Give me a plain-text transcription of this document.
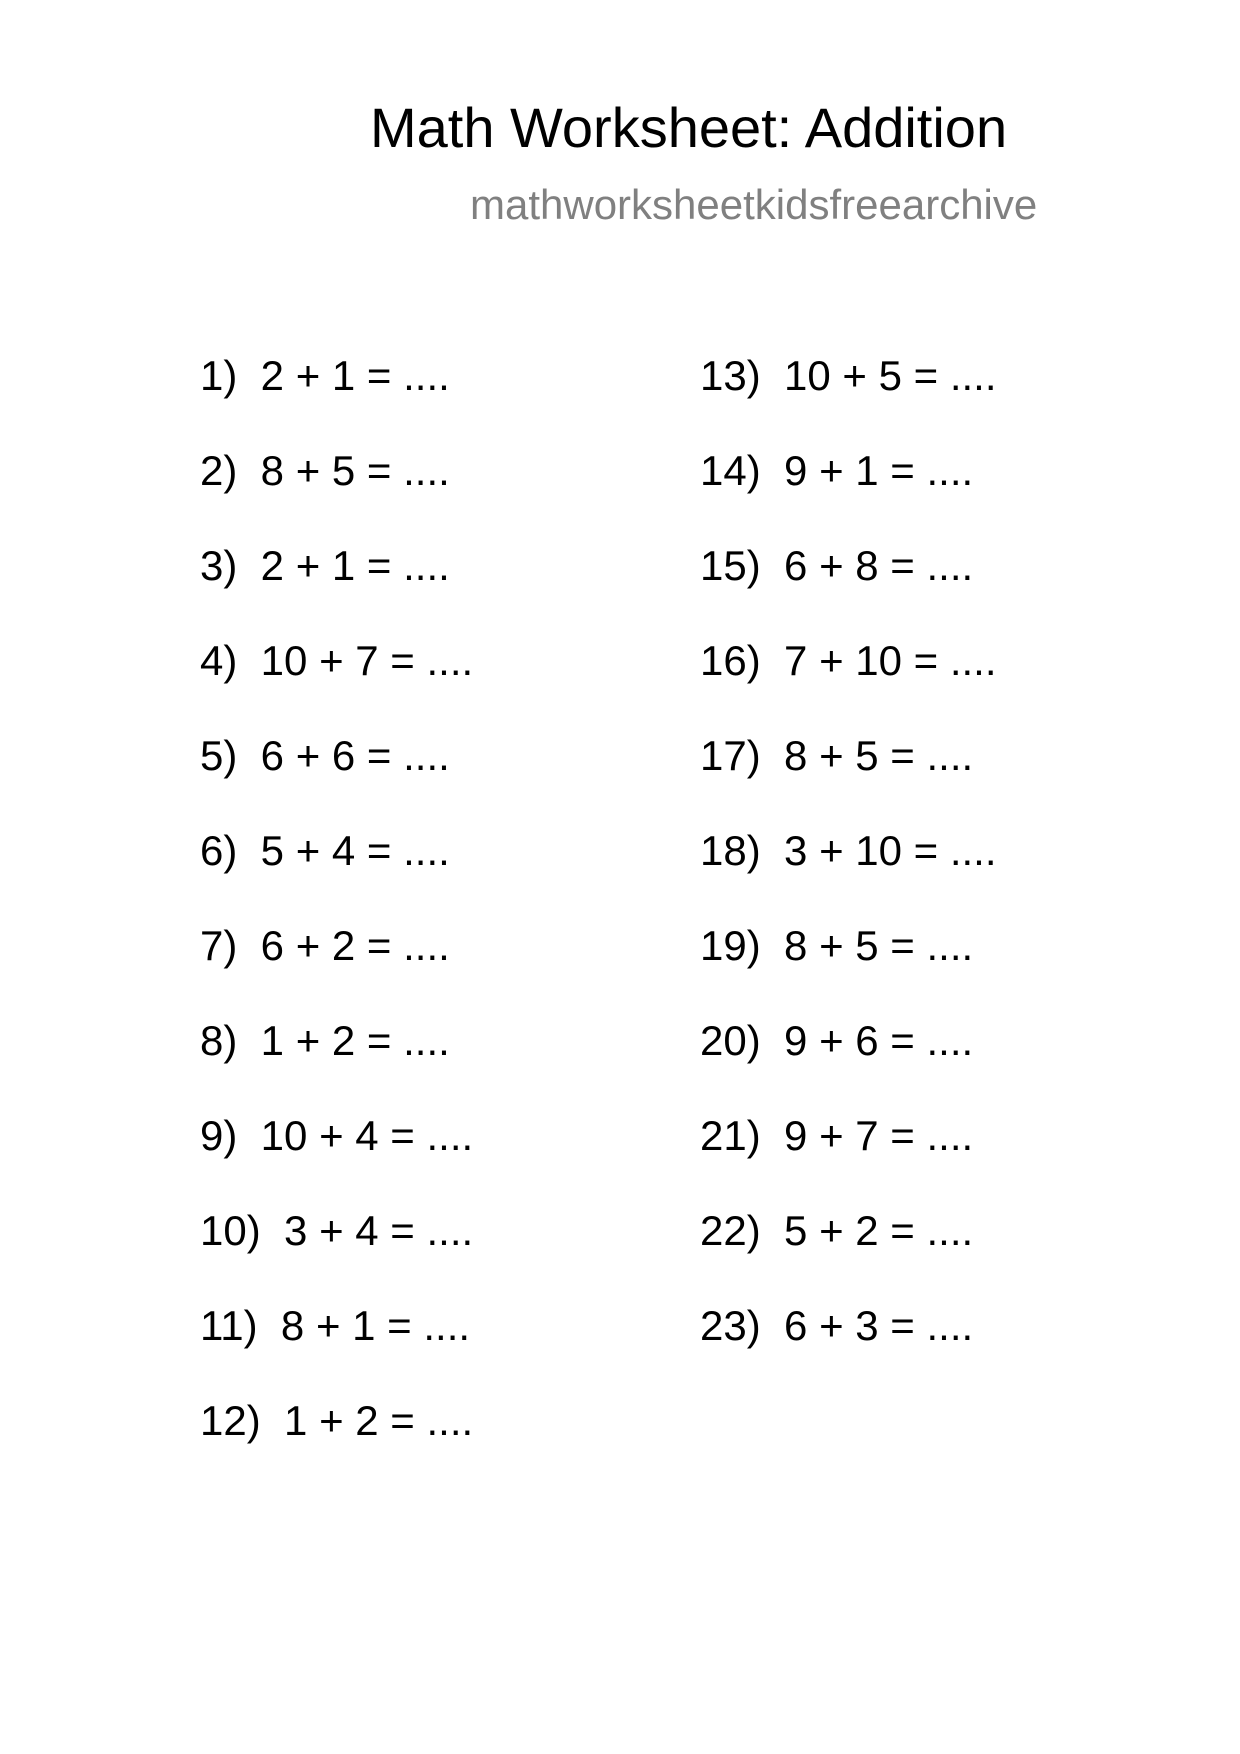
Math Worksheet: Addition
mathworksheetkidsfreearchive
1)  2 + 1 = ....
2)  8 + 5 = ....
3)  2 + 1 = ....
4)  10 + 7 = ....
5)  6 + 6 = ....
6)  5 + 4 = ....
7)  6 + 2 = ....
8)  1 + 2 = ....
9)  10 + 4 = ....
10)  3 + 4 = ....
11)  8 + 1 = ....
12)  1 + 2 = ....
13)  10 + 5 = ....
14)  9 + 1 = ....
15)  6 + 8 = ....
16)  7 + 10 = ....
17)  8 + 5 = ....
18)  3 + 10 = ....
19)  8 + 5 = ....
20)  9 + 6 = ....
21)  9 + 7 = ....
22)  5 + 2 = ....
23)  6 + 3 = ....
